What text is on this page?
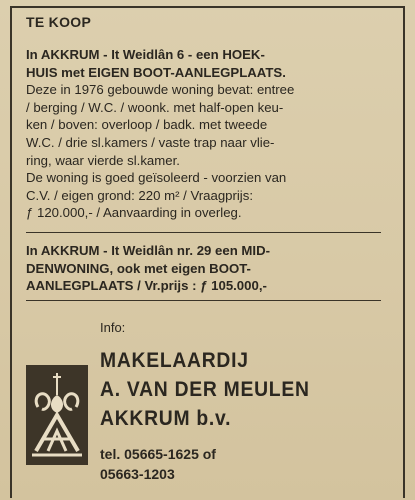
TE KOOP
In AKKRUM - It Weidlân 6 - een HOEK-
HUIS met EIGEN BOOT-AANLEGPLAATS.
Deze in 1976 gebouwde woning bevat: entree
/ berging / W.C. / woonk. met half-open keu-
ken / boven: overloop / badk. met tweede
W.C. / drie sl.kamers / vaste trap naar vlie-
ring, waar vierde sl.kamer.
De woning is goed geïsoleerd - voorzien van
C.V. / eigen grond: 220 m² / Vraagprijs:
ƒ 120.000,- / Aanvaarding in overleg.
In AKKRUM - It Weidlân nr. 29 een MID-
DENWONING, ook met eigen BOOT-
AANLEGPLAATS / Vr.prijs : ƒ 105.000,-
Info:
MAKELAARDIJ
A. VAN DER MEULEN
AKKRUM b.v.
tel. 05665-1625 of
05663-1203
